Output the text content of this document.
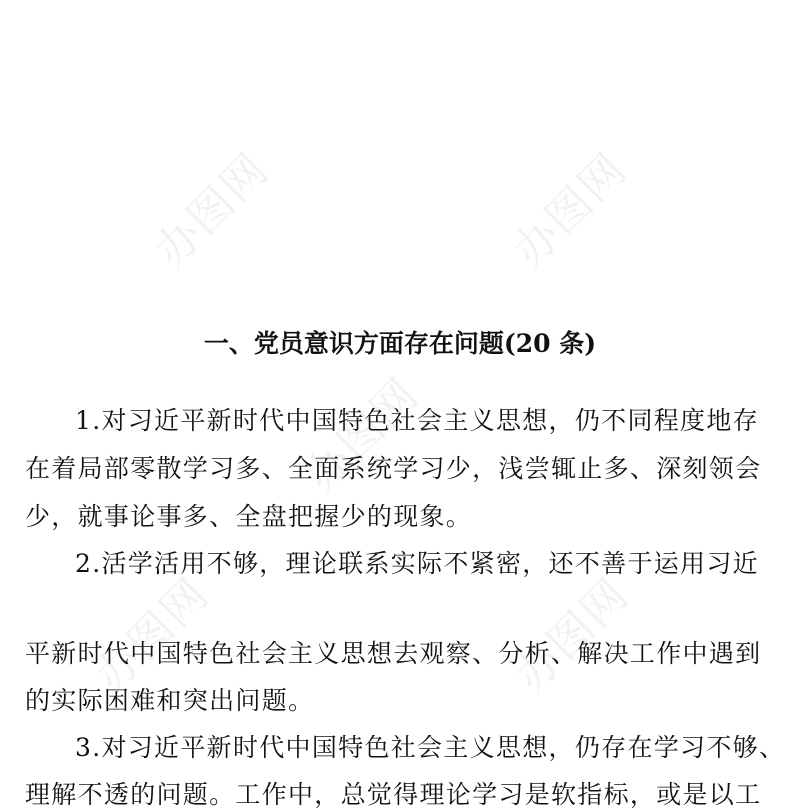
办图网	办图网
办图网
办图网	办图网
一、党员意识方面存在问题(20 条)

1.对习近平新时代中国特色社会主义思想，仍不同程度地存

在着局部零散学习多、全面系统学习少，浅尝辄止多、深刻领会

少，就事论事多、全盘把握少的现象。

2.活学活用不够，理论联系实际不紧密，还不善于运用习近

平新时代中国特色社会主义思想去观察、分析、解决工作中遇到

的实际困难和突出问题。

3.对习近平新时代中国特色社会主义思想，仍存在学习不够、

理解不透的问题。工作中，总觉得理论学习是软指标，或是以工
